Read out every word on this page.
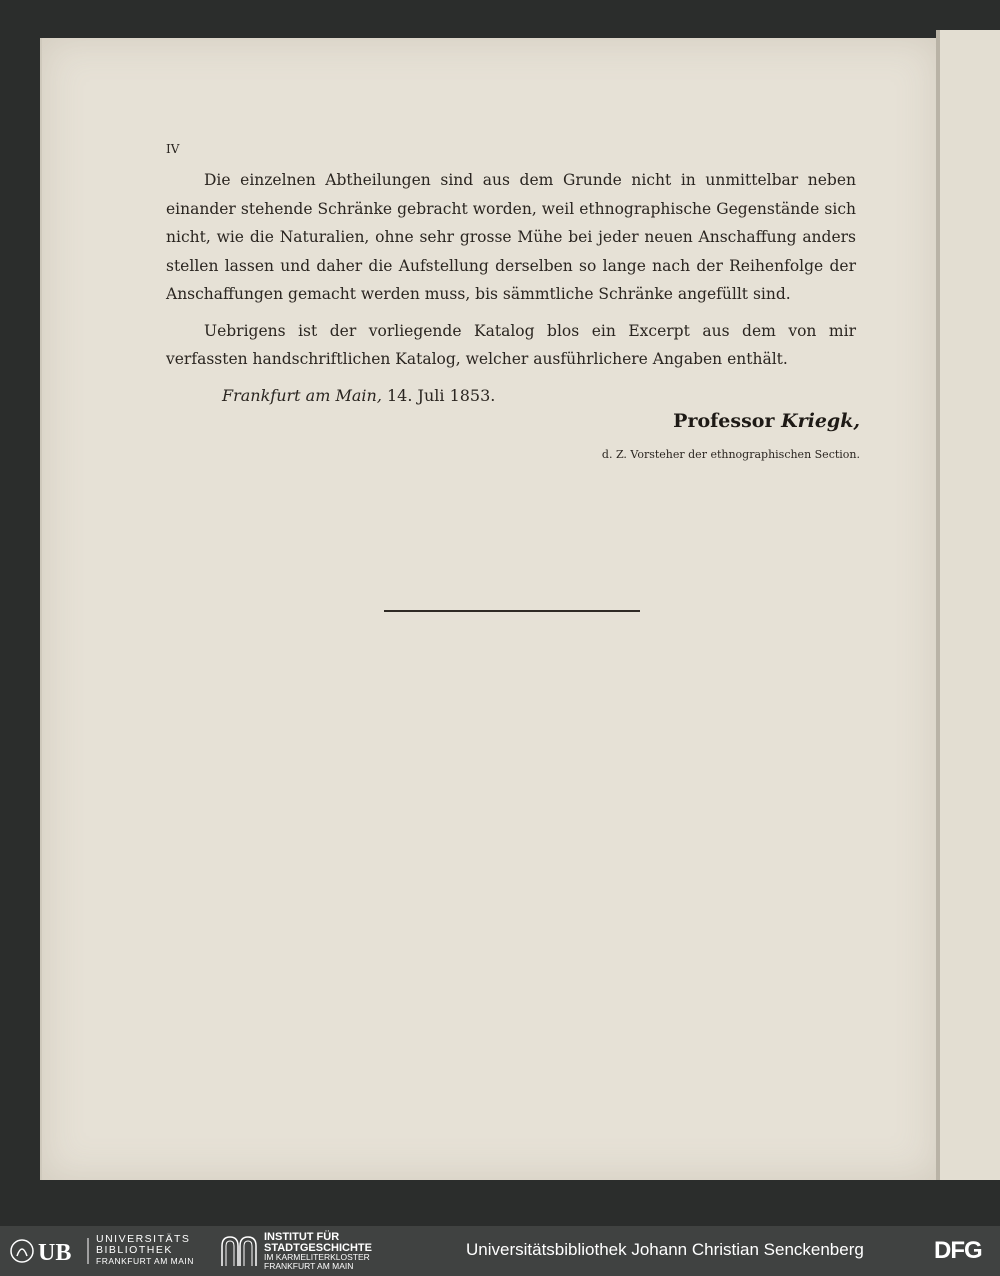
IV

Die einzelnen Abtheilungen sind aus dem Grunde nicht in unmittelbar neben einander stehende Schränke gebracht worden, weil ethnographische Gegenstände sich nicht, wie die Naturalien, ohne sehr grosse Mühe bei jeder neuen Anschaffung anders stellen lassen und daher die Aufstellung derselben so lange nach der Reihenfolge der Anschaffungen gemacht werden muss, bis sämmtliche Schränke angefüllt sind.

Uebrigens ist der vorliegende Katalog blos ein Excerpt aus dem von mir verfassten handschriftlichen Katalog, welcher ausführlichere Angaben enthält.

Frankfurt am Main, 14. Juli 1853.
Professor Kriegk,
d. Z. Vorsteher der ethnographischen Section.
UB
UNIVERSITÄTS
BIBLIOTHEK
FRANKFURT AM MAIN
INSTITUT FÜR
STADTGESCHICHTE
IM KARMELITERKLOSTER
FRANKFURT AM MAIN
Universitätsbibliothek Johann Christian Senckenberg	DFG
